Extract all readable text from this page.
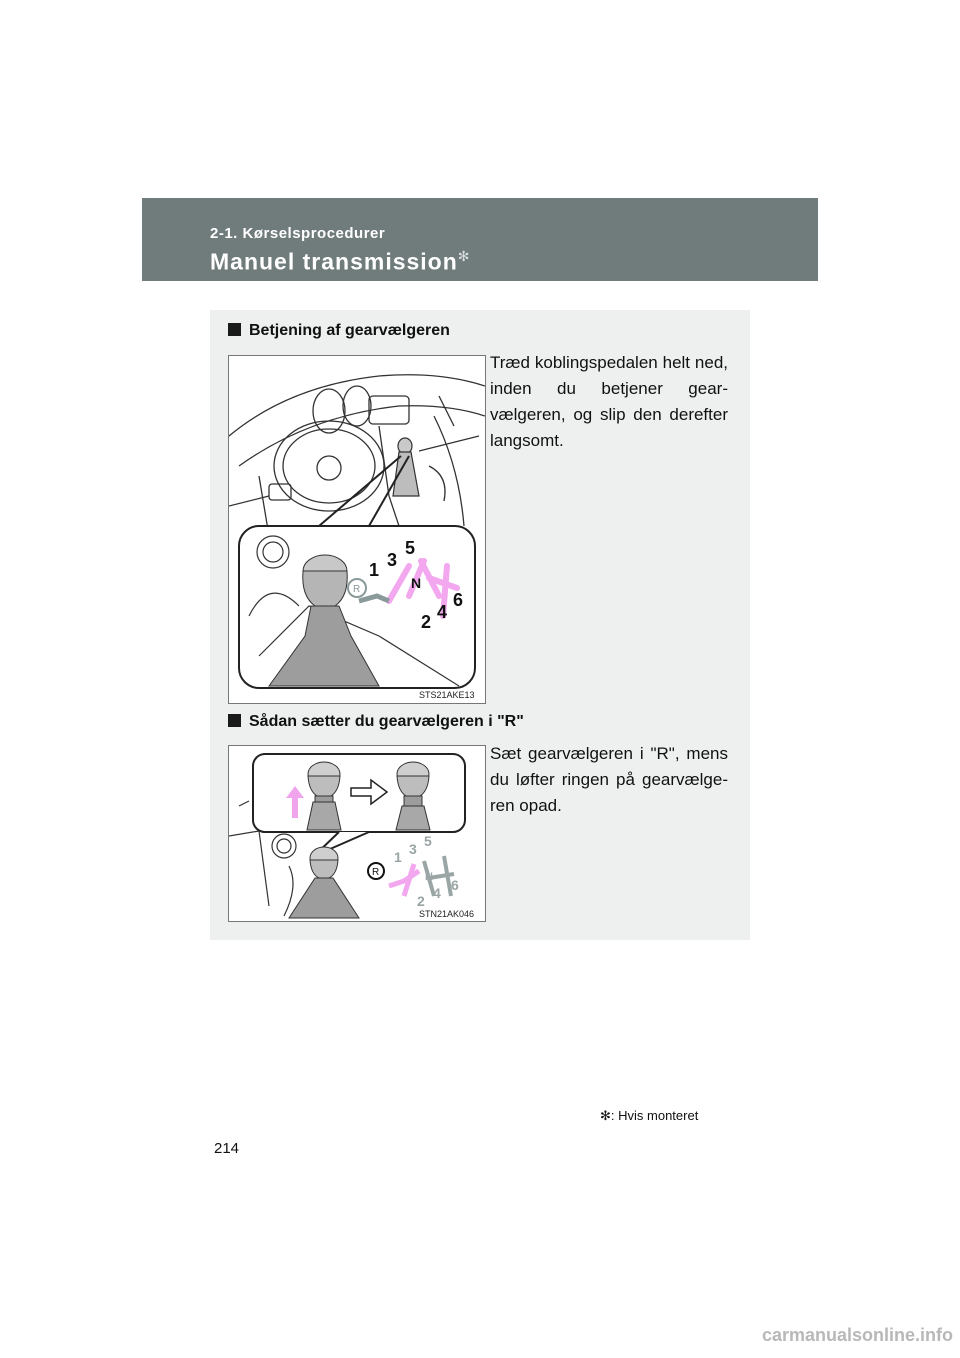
2-1. Kørselsprocedurer
Manuel transmission✻
Betjening af gearvælgeren
Træd koblingspedalen helt ned, inden du betjener gear-vælgeren, og slip den derefter langsomt.
R
1 3
5
N
2 4
6
STS21AKE13
Sådan sætter du gearvælgeren i "R"
Sæt gearvælgeren i "R", mens du løfter ringen på gearvælge-ren opad.
R
1 3 5
N
2 4 6
STN21AK046
✻: Hvis monteret
214
carmanualsonline.info
